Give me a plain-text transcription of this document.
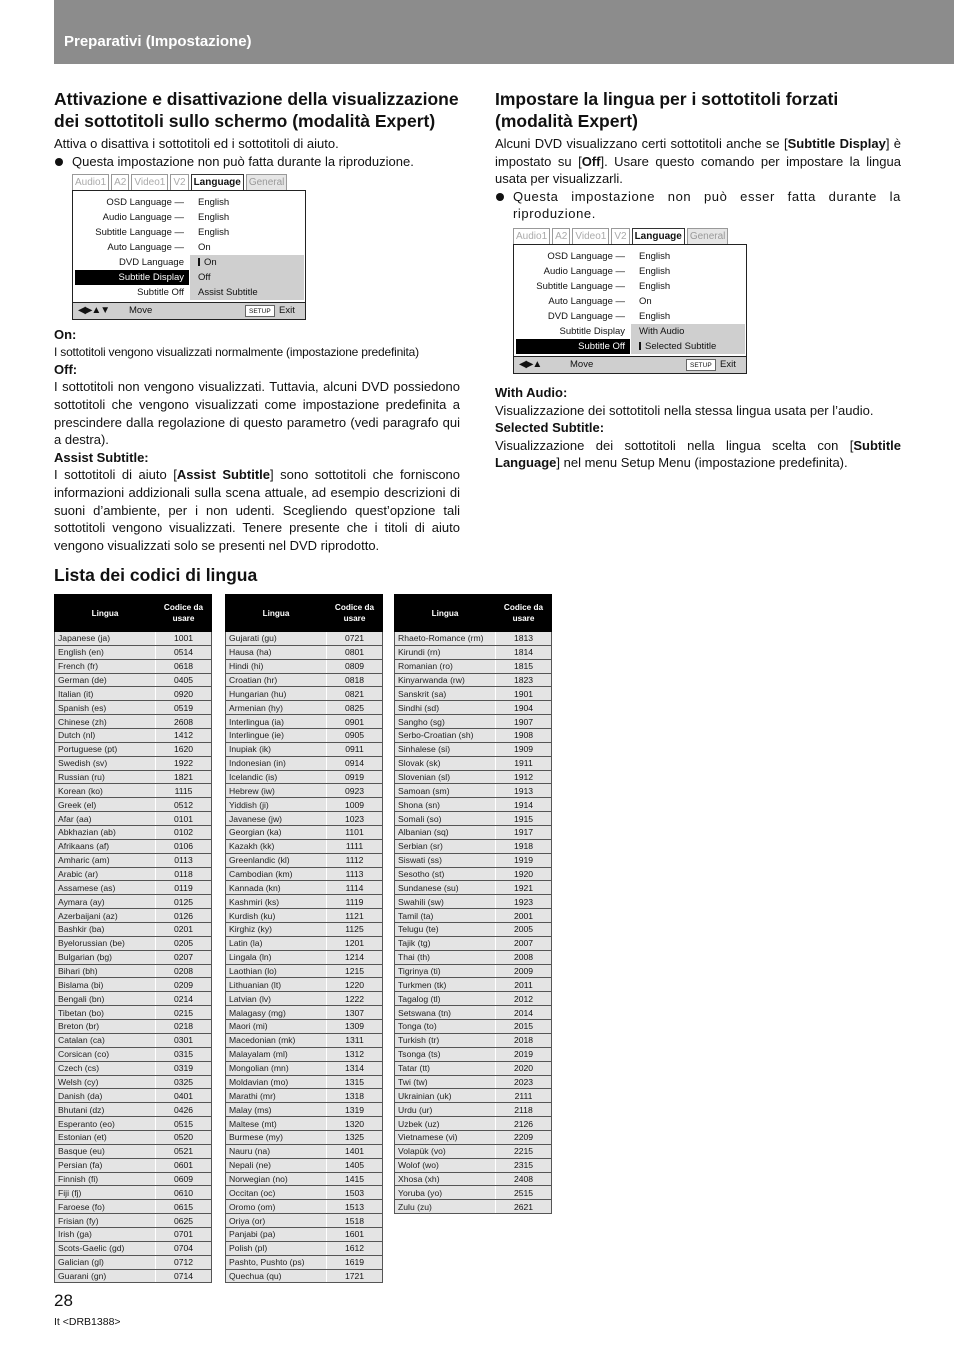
Preparativi (Impostazione)
Attivazione e disattivazione della visualizzazione dei sottotitoli sullo schermo (modalità Expert)

Attiva o disattiva i sottotitoli ed i sottotitoli di aiuto.

Questa impostazione non può fatta durante la riproduzione.
Audio1 A2 Video1 V2 Language General
OSD Language — English
Audio Language — English
Subtitle Language — English
Auto Language — On
DVD Language	On
Subtitle Display	Off
Subtitle Off Assist Subtitle
◀▶▲▼ Move	SETUP Exit
On:

I sottotitoli vengono visualizzati normalmente (impostazione predefinita)

Off:

I sottotitoli non vengono visualizzati. Tuttavia, alcuni DVD possiedono sottotitoli che vengono visualizzati come impostazione predefinita a prescindere dalla regolazione di questo parametro (vedi paragrafo qui a destra).

Assist Subtitle:

I sottotitoli di aiuto [Assist Subtitle] sono sottotitoli che forniscono informazioni addizionali sulla scena attuale, ad esempio descrizioni di suoni d’ambiente, per i non udenti. Scegliendo quest’opzione tali sottotitoli vengono visualizzati. Tenere presente che i titoli di aiuto vengono visualizzati solo se presenti nel DVD riprodotto.

Impostare la lingua per i sottotitoli forzati (modalità Expert)

Alcuni DVD visualizzano certi sottotitoli anche se [Subtitle Display] è impostato su [Off]. Usare questo comando per impostare la lingua usata per visualizzarli.

Questa impostazione non può esser fatta durante la riproduzione.
Audio1 A2 Video1 V2 Language General
OSD Language — English
Audio Language — English
Subtitle Language — English
Auto Language — On
DVD Language — English
Subtitle Display With Audio
Subtitle Off	Selected Subtitle
◀▶▲	Move	SETUP Exit
With Audio:

Visualizzazione dei sottotitoli nella stessa lingua usata per l’audio.

Selected Subtitle:

Visualizzazione dei sottotitoli nella lingua scelta con [Subtitle Language] nel menu Setup Menu (impostazione predefinita).

Lista dei codici di lingua
Lingua	Codice da usare
Japanese (ja)	1001
English (en)	0514
French (fr)	0618
German (de)	0405
Italian (it)	0920
Spanish (es)	0519
Chinese (zh)	2608
Dutch (nl)	1412
Portuguese (pt)	1620
Swedish (sv)	1922
Russian (ru)	1821
Korean (ko)	1115
Greek (el)	0512
Afar (aa)	0101
Abkhazian (ab)	0102
Afrikaans (af)	0106
Amharic (am)	0113
Arabic (ar)	0118
Assamese (as)	0119
Aymara (ay)	0125
Azerbaijani (az)	0126
Bashkir (ba)	0201
Byelorussian (be)	0205
Bulgarian (bg)	0207
Bihari (bh)	0208
Bislama (bi)	0209
Bengali (bn)	0214
Tibetan (bo)	0215
Breton (br)	0218
Catalan (ca)	0301
Corsican (co)	0315
Czech (cs)	0319
Welsh (cy)	0325
Danish (da)	0401
Bhutani (dz)	0426
Esperanto (eo)	0515
Estonian (et)	0520
Basque (eu)	0521
Persian (fa)	0601
Finnish (fi)	0609
Fiji (fj)	0610
Faroese (fo)	0615
Frisian (fy)	0625
Irish (ga)	0701
Scots-Gaelic (gd)	0704
Galician (gl)	0712
Guarani (gn)	0714
Lingua	Codice da usare
Gujarati (gu)	0721
Hausa (ha)	0801
Hindi (hi)	0809
Croatian (hr)	0818
Hungarian (hu)	0821
Armenian (hy)	0825
Interlingua (ia)	0901
Interlingue (ie)	0905
Inupiak (ik)	0911
Indonesian (in)	0914
Icelandic (is)	0919
Hebrew (iw)	0923
Yiddish (ji)	1009
Javanese (jw)	1023
Georgian (ka)	1101
Kazakh (kk)	1111
Greenlandic (kl)	1112
Cambodian (km)	1113
Kannada (kn)	1114
Kashmiri (ks)	1119
Kurdish (ku)	1121
Kirghiz (ky)	1125
Latin (la)	1201
Lingala (ln)	1214
Laothian (lo)	1215
Lithuanian (lt)	1220
Latvian (lv)	1222
Malagasy (mg)	1307
Maori (mi)	1309
Macedonian (mk)	1311
Malayalam (ml)	1312
Mongolian (mn)	1314
Moldavian (mo)	1315
Marathi (mr)	1318
Malay (ms)	1319
Maltese (mt)	1320
Burmese (my)	1325
Nauru (na)	1401
Nepali (ne)	1405
Norwegian (no)	1415
Occitan (oc)	1503
Oromo (om)	1513
Oriya (or)	1518
Panjabi (pa)	1601
Polish (pl)	1612
Pashto, Pushto (ps)	1619
Quechua (qu)	1721
Lingua	Codice da usare
Rhaeto-Romance (rm)	1813
Kirundi (rn)	1814
Romanian (ro)	1815
Kinyarwanda (rw)	1823
Sanskrit (sa)	1901
Sindhi (sd)	1904
Sangho (sg)	1907
Serbo-Croatian (sh)	1908
Sinhalese (si)	1909
Slovak (sk)	1911
Slovenian (sl)	1912
Samoan (sm)	1913
Shona (sn)	1914
Somali (so)	1915
Albanian (sq)	1917
Serbian (sr)	1918
Siswati (ss)	1919
Sesotho (st)	1920
Sundanese (su)	1921
Swahili (sw)	1923
Tamil (ta)	2001
Telugu (te)	2005
Tajik (tg)	2007
Thai (th)	2008
Tigrinya (ti)	2009
Turkmen (tk)	2011
Tagalog (tl)	2012
Setswana (tn)	2014
Tonga (to)	2015
Turkish (tr)	2018
Tsonga (ts)	2019
Tatar (tt)	2020
Twi (tw)	2023
Ukrainian (uk)	2111
Urdu (ur)	2118
Uzbek (uz)	2126
Vietnamese (vi)	2209
Volapük (vo)	2215
Wolof (wo)	2315
Xhosa (xh)	2408
Yoruba (yo)	2515
Zulu (zu)	2621
28
It <DRB1388>
